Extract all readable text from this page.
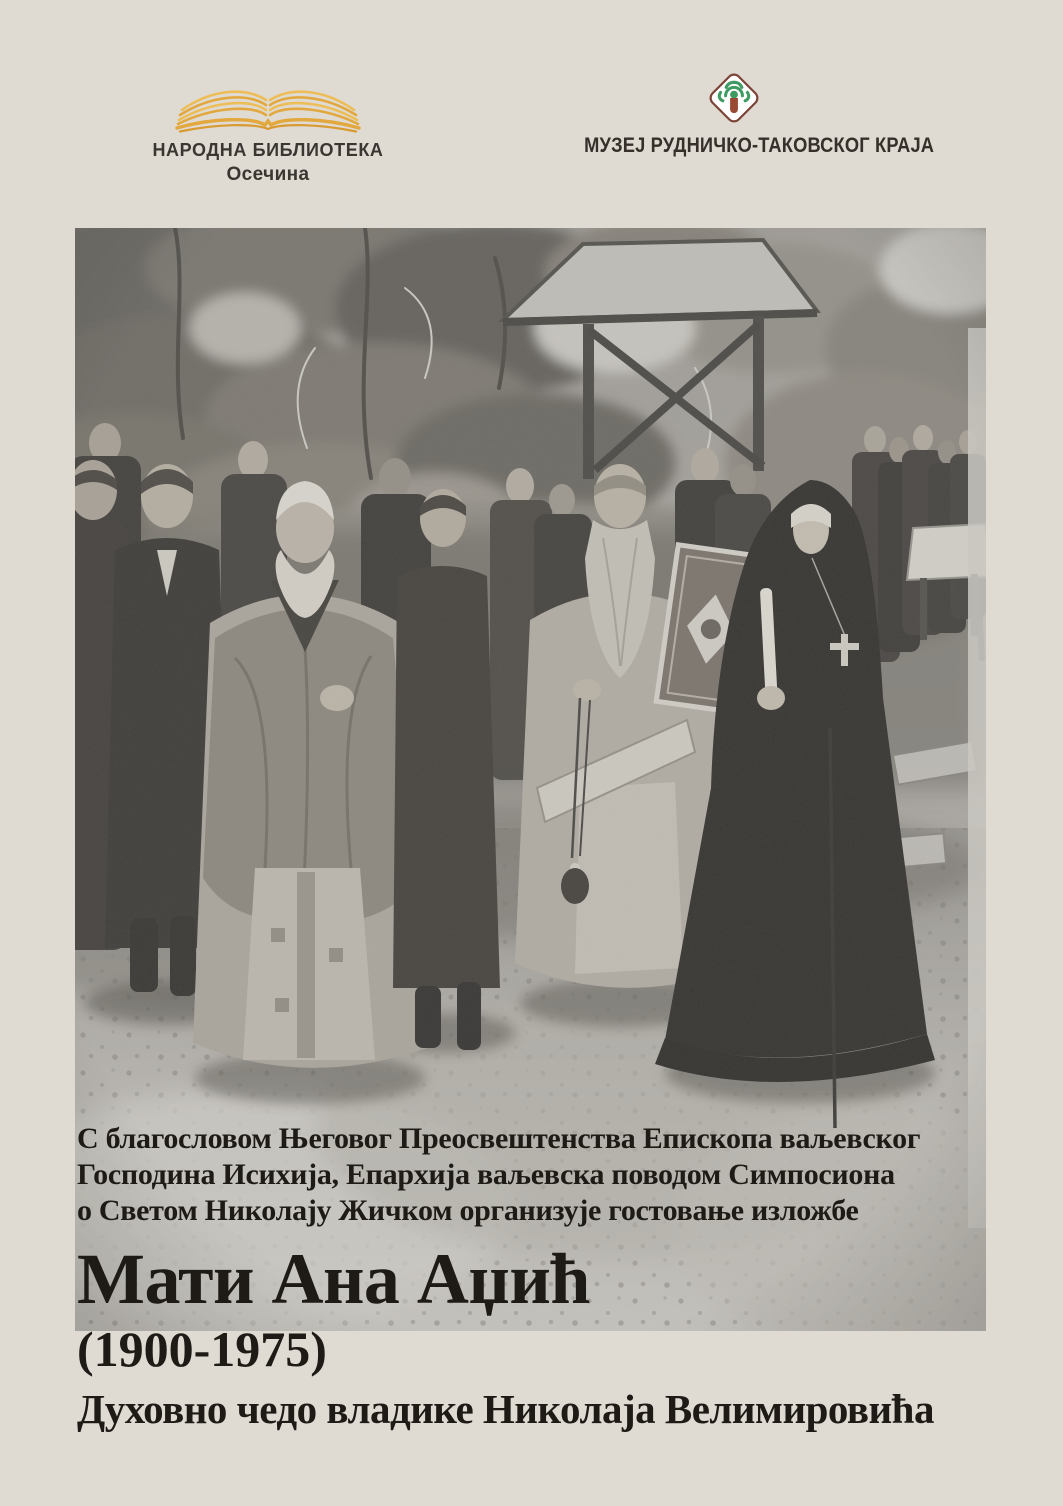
НАРОДНА БИБЛИОТЕКА
Осечина
МУЗЕЈ РУДНИЧКО-ТАКОВСКОГ КРАЈА
С благословом Његовог Преосвештенства Епископа ваљевског
Господина Исихија, Епархија ваљевска поводом Симпосиона
о Светом Николају Жичком организује гостовање изложбе
Мати Ана Аџић
(1900-1975)
Духовно чедо владике Николаја Велимировића
